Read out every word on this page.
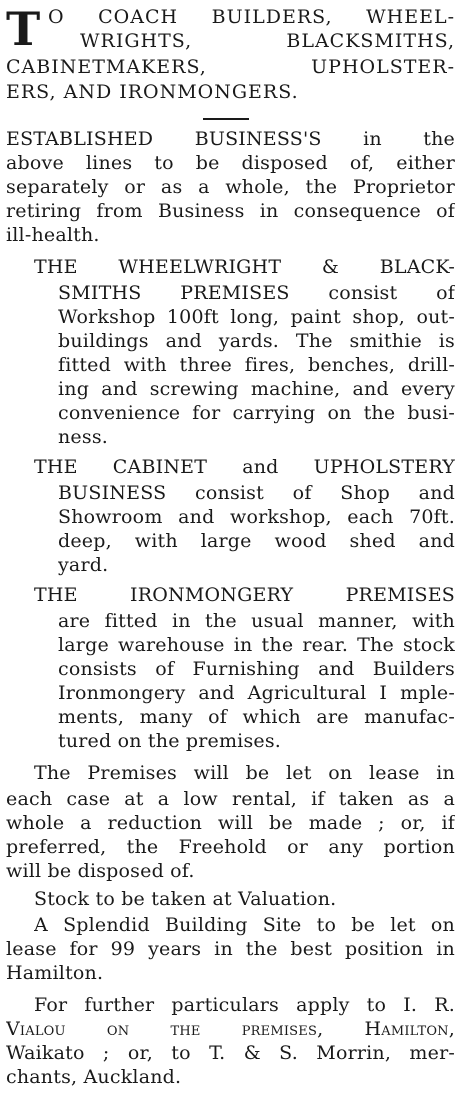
T O COACH BUILDERS, WHEEL-
WRIGHTS, BLACKSMITHS,
CABINETMAKERS, UPHOLSTER-
ERS, AND IRONMONGERS.
ESTABLISHED BUSINESS'S in the
above lines to be disposed of, either
separately or as a whole, the Proprietor
retiring from Business in consequence of
ill-health.
THE WHEELWRIGHT & BLACK-
SMITHS PREMISES consist of
Workshop 100ft long, paint shop, out-
buildings and yards. The smithie is
fitted with three fires, benches, drill-
ing and screwing machine, and every
convenience for carrying on the busi-
ness.
THE CABINET and UPHOLSTERY
BUSINESS consist of Shop and
Showroom and workshop, each 70ft.
deep, with large wood shed and
yard.
THE IRONMONGERY PREMISES
are fitted in the usual manner, with
large warehouse in the rear. The stock
consists of Furnishing and Builders
Ironmongery and Agricultural I mple-
ments, many of which are manufac-
tured on the premises.
The Premises will be let on lease in
each case at a low rental, if taken as a
whole a reduction will be made ; or, if
preferred, the Freehold or any portion
will be disposed of.
Stock to be taken at Valuation.
A Splendid Building Site to be let on
lease for 99 years in the best position in
Hamilton.
For further particulars apply to I. R.
Vialou on the premises, Hamilton,
Waikato ; or, to T. & S. Morrin, mer-
chants, Auckland.
